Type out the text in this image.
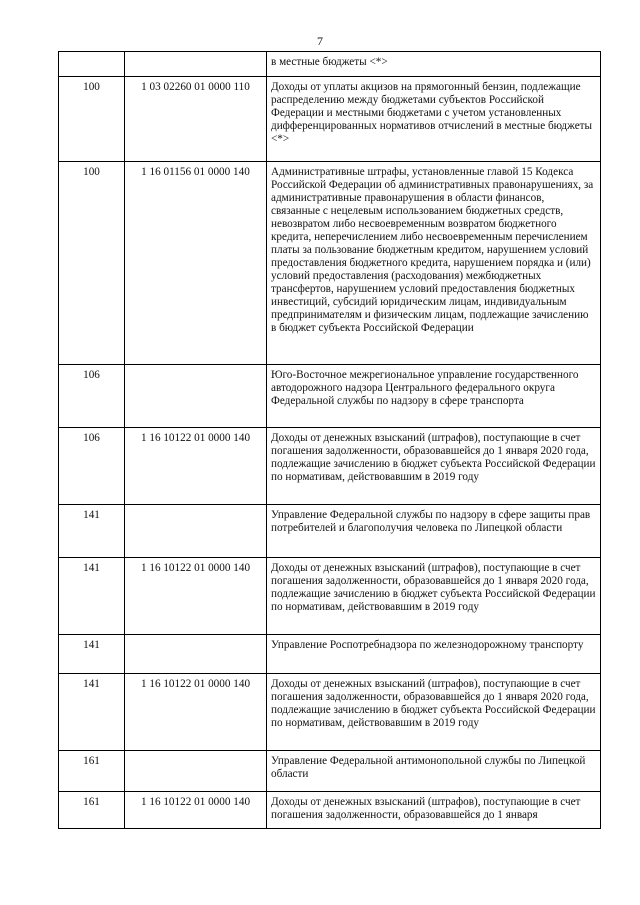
7
		в местные бюджеты <*>
100	1 03 02260 01 0000 110	Доходы от уплаты акцизов на прямогонный бензин, подлежащие распределению между бюджетами субъектов Российской Федерации и местными бюджетами с учетом установленных дифференцированных нормативов отчислений в местные бюджеты <*>
100	1 16 01156 01 0000 140	Административные штрафы, установленные главой 15 Кодекса Российской Федерации об административных правонарушениях, за административные правонарушения в области финансов, связанные с нецелевым использованием бюджетных средств, невозвратом либо несвоевременным возвратом бюджетного кредита, неперечислением либо несвоевременным перечислением платы за пользование бюджетным кредитом, нарушением условий предоставления бюджетного кредита, нарушением порядка и (или) условий предоставления (расходования) межбюджетных трансфертов, нарушением условий предоставления бюджетных инвестиций, субсидий юридическим лицам, индивидуальным предпринимателям и физическим лицам, подлежащие зачислению в бюджет субъекта Российской Федерации
106		Юго-Восточное межрегиональное управление государственного автодорожного надзора Центрального федерального округа Федеральной службы по надзору в сфере транспорта
106	1 16 10122 01 0000 140	Доходы от денежных взысканий (штрафов), поступающие в счет погашения задолженности, образовавшейся до 1 января 2020 года, подлежащие зачислению в бюджет субъекта Российской Федерации по нормативам, действовавшим в 2019 году
141		Управление Федеральной службы по надзору в сфере защиты прав потребителей и благополучия человека по Липецкой области
141	1 16 10122 01 0000 140	Доходы от денежных взысканий (штрафов), поступающие в счет погашения задолженности, образовавшейся до 1 января 2020 года, подлежащие зачислению в бюджет субъекта Российской Федерации по нормативам, действовавшим в 2019 году
141		Управление Роспотребнадзора по железнодорожному транспорту
141	1 16 10122 01 0000 140	Доходы от денежных взысканий (штрафов), поступающие в счет погашения задолженности, образовавшейся до 1 января 2020 года, подлежащие зачислению в бюджет субъекта Российской Федерации по нормативам, действовавшим в 2019 году
161		Управление Федеральной антимонопольной службы по Липецкой области
161	1 16 10122 01 0000 140	Доходы от денежных взысканий (штрафов), поступающие в счет погашения задолженности, образовавшейся до 1 января
